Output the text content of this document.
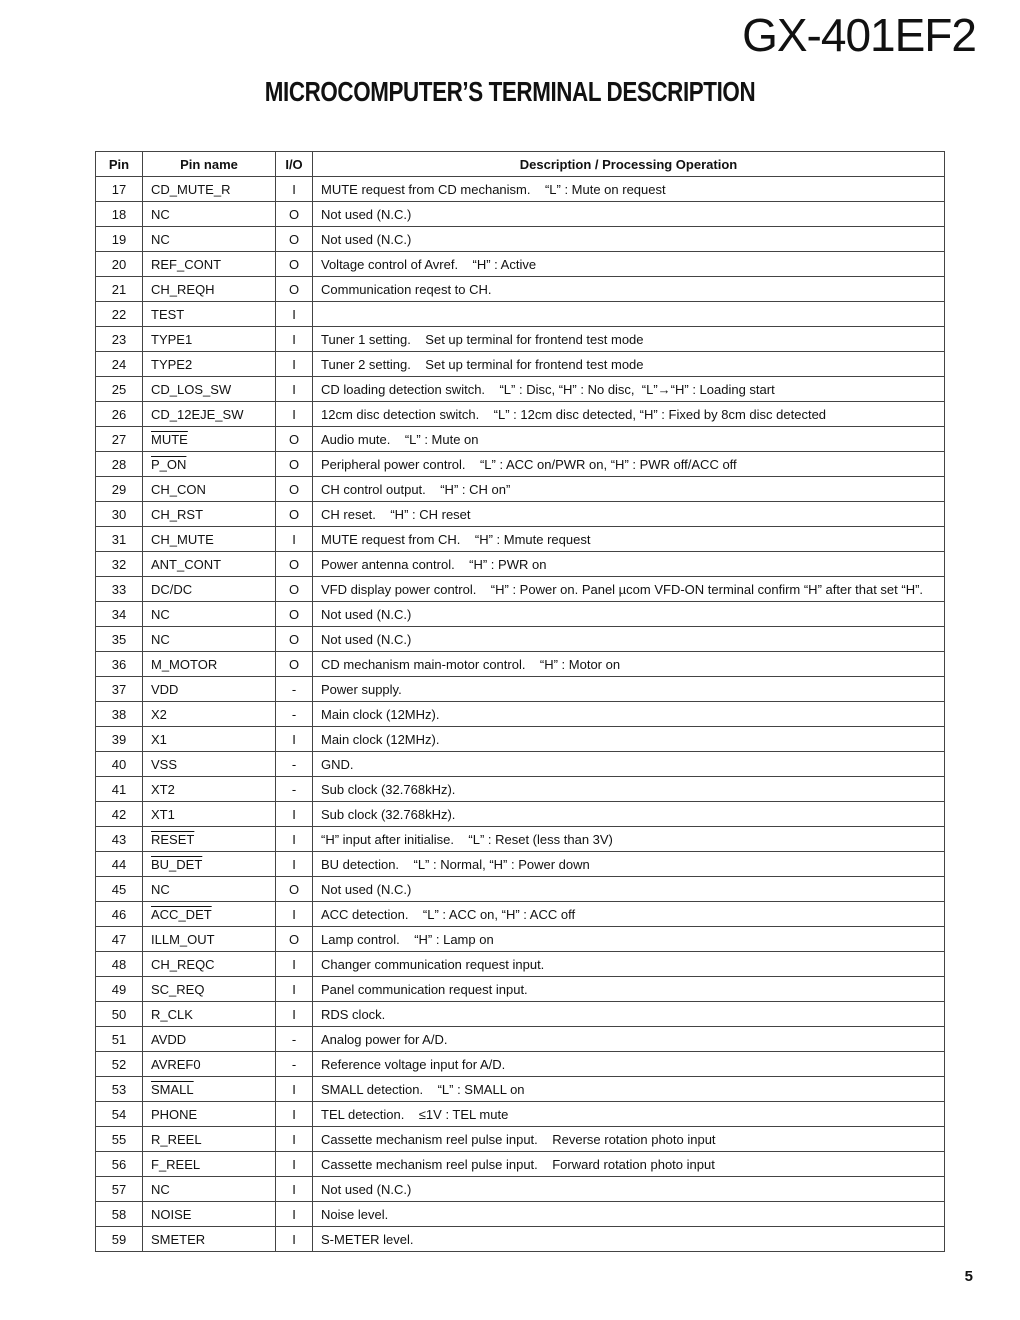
GX-401EF2
MICROCOMPUTER’S TERMINAL DESCRIPTION
Pin	Pin name	I/O	Description / Processing Operation
17	CD_MUTE_R	I	MUTE request from CD mechanism.    “L” : Mute on request
18	NC	O	Not used (N.C.)
19	NC	O	Not used (N.C.)
20	REF_CONT	O	Voltage control of Avref.    “H” : Active
21	CH_REQH	O	Communication reqest to CH.
22	TEST	I	
23	TYPE1	I	Tuner 1 setting.    Set up terminal for frontend test mode
24	TYPE2	I	Tuner 2 setting.    Set up terminal for frontend test mode
25	CD_LOS_SW	I	CD loading detection switch.    “L” : Disc, “H” : No disc,  “L”→“H” : Loading start
26	CD_12EJE_SW	I	12cm disc detection switch.    “L” : 12cm disc detected, “H” : Fixed by 8cm disc detected
27	MUTE	O	Audio mute.    “L” : Mute on
28	P_ON	O	Peripheral power control.    “L” : ACC on/PWR on, “H” : PWR off/ACC off
29	CH_CON	O	CH control output.    “H” : CH on”
30	CH_RST	O	CH reset.    “H” : CH reset
31	CH_MUTE	I	MUTE request from CH.    “H” : Mmute request
32	ANT_CONT	O	Power antenna control.    “H” : PWR on
33	DC/DC	O	VFD display power control.    “H” : Power on. Panel µcom VFD-ON terminal confirm “H” after that set “H”.
34	NC	O	Not used (N.C.)
35	NC	O	Not used (N.C.)
36	M_MOTOR	O	CD mechanism main-motor control.    “H” : Motor on
37	VDD	-	Power supply.
38	X2	-	Main clock (12MHz).
39	X1	I	Main clock (12MHz).
40	VSS	-	GND.
41	XT2	-	Sub clock (32.768kHz).
42	XT1	I	Sub clock (32.768kHz).
43	RESET	I	“H” input after initialise.    “L” : Reset (less than 3V)
44	BU_DET	I	BU detection.    “L” : Normal, “H” : Power down
45	NC	O	Not used (N.C.)
46	ACC_DET	I	ACC detection.    “L” : ACC on, “H” : ACC off
47	ILLM_OUT	O	Lamp control.    “H” : Lamp on
48	CH_REQC	I	Changer communication request input.
49	SC_REQ	I	Panel communication request input.
50	R_CLK	I	RDS clock.
51	AVDD	-	Analog power for A/D.
52	AVREF0	-	Reference voltage input for A/D.
53	SMALL	I	SMALL detection.    “L” : SMALL on
54	PHONE	I	TEL detection.    ≤1V : TEL mute
55	R_REEL	I	Cassette mechanism reel pulse input.    Reverse rotation photo input
56	F_REEL	I	Cassette mechanism reel pulse input.    Forward rotation photo input
57	NC	I	Not used (N.C.)
58	NOISE	I	Noise level.
59	SMETER	I	S-METER level.
5
